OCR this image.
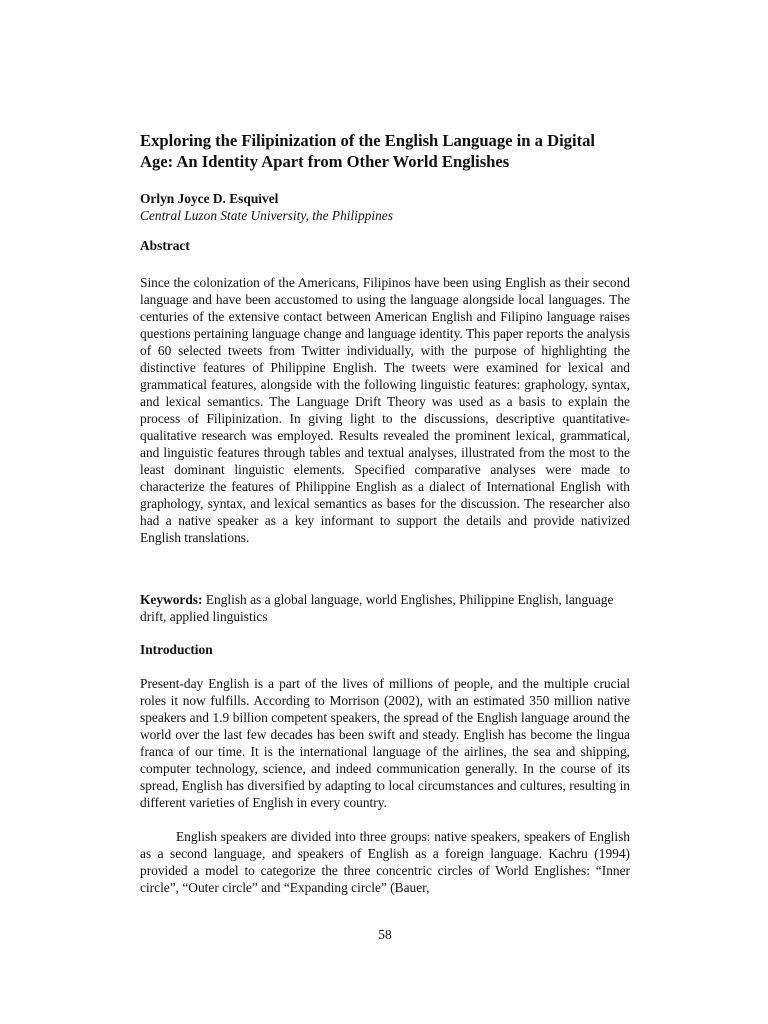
Exploring the Filipinization of the English Language in a Digital Age: An Identity Apart from Other World Englishes

Orlyn Joyce D. Esquivel

Central Luzon State University, the Philippines

Abstract

Since the colonization of the Americans, Filipinos have been using English as their second language and have been accustomed to using the language alongside local languages. The centuries of the extensive contact between American English and Filipino language raises questions pertaining language change and language identity. This paper reports the analysis of 60 selected tweets from Twitter individually, with the purpose of highlighting the distinctive features of Philippine English. The tweets were examined for lexical and grammatical features, alongside with the following linguistic features: graphology, syntax, and lexical semantics. The Language Drift Theory was used as a basis to explain the process of Filipinization. In giving light to the discussions, descriptive quantitative-qualitative research was employed. Results revealed the prominent lexical, grammatical, and linguistic features through tables and textual analyses, illustrated from the most to the least dominant linguistic elements. Specified comparative analyses were made to characterize the features of Philippine English as a dialect of International English with graphology, syntax, and lexical semantics as bases for the discussion. The researcher also had a native speaker as a key informant to support the details and provide nativized English translations.

Keywords: English as a global language, world Englishes, Philippine English, language drift, applied linguistics

Introduction

Present-day English is a part of the lives of millions of people, and the multiple crucial roles it now fulfills. According to Morrison (2002), with an estimated 350 million native speakers and 1.9 billion competent speakers, the spread of the English language around the world over the last few decades has been swift and steady. English has become the lingua franca of our time. It is the international language of the airlines, the sea and shipping, computer technology, science, and indeed communication generally. In the course of its spread, English has diversified by adapting to local circumstances and cultures, resulting in different varieties of English in every country.

English speakers are divided into three groups: native speakers, speakers of English as a second language, and speakers of English as a foreign language. Kachru (1994) provided a model to categorize the three concentric circles of World Englishes: “Inner circle”, “Outer circle” and “Expanding circle” (Bauer,

58
